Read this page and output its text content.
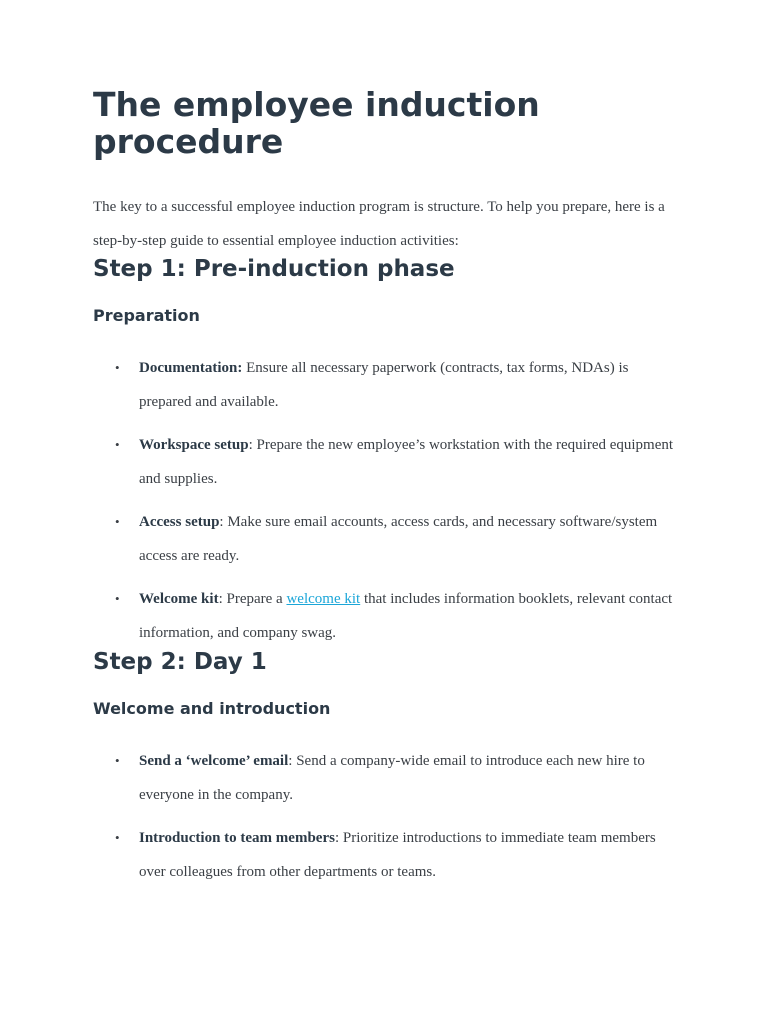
The employee induction procedure

The key to a successful employee induction program is structure. To help you prepare, here is a step-by-step guide to essential employee induction activities:

Step 1: Pre-induction phase
Preparation
• Documentation: Ensure all necessary paperwork (contracts, tax forms, NDAs) is prepared and available.
• Workspace setup: Prepare the new employee’s workstation with the required equipment and supplies.
• Access setup: Make sure email accounts, access cards, and necessary software/system access are ready.
• Welcome kit: Prepare a welcome kit that includes information booklets, relevant contact information, and company swag.
Step 2: Day 1
Welcome and introduction
• Send a ‘welcome’ email: Send a company-wide email to introduce each new hire to everyone in the company.
• Introduction to team members: Prioritize introductions to immediate team members over colleagues from other departments or teams.
